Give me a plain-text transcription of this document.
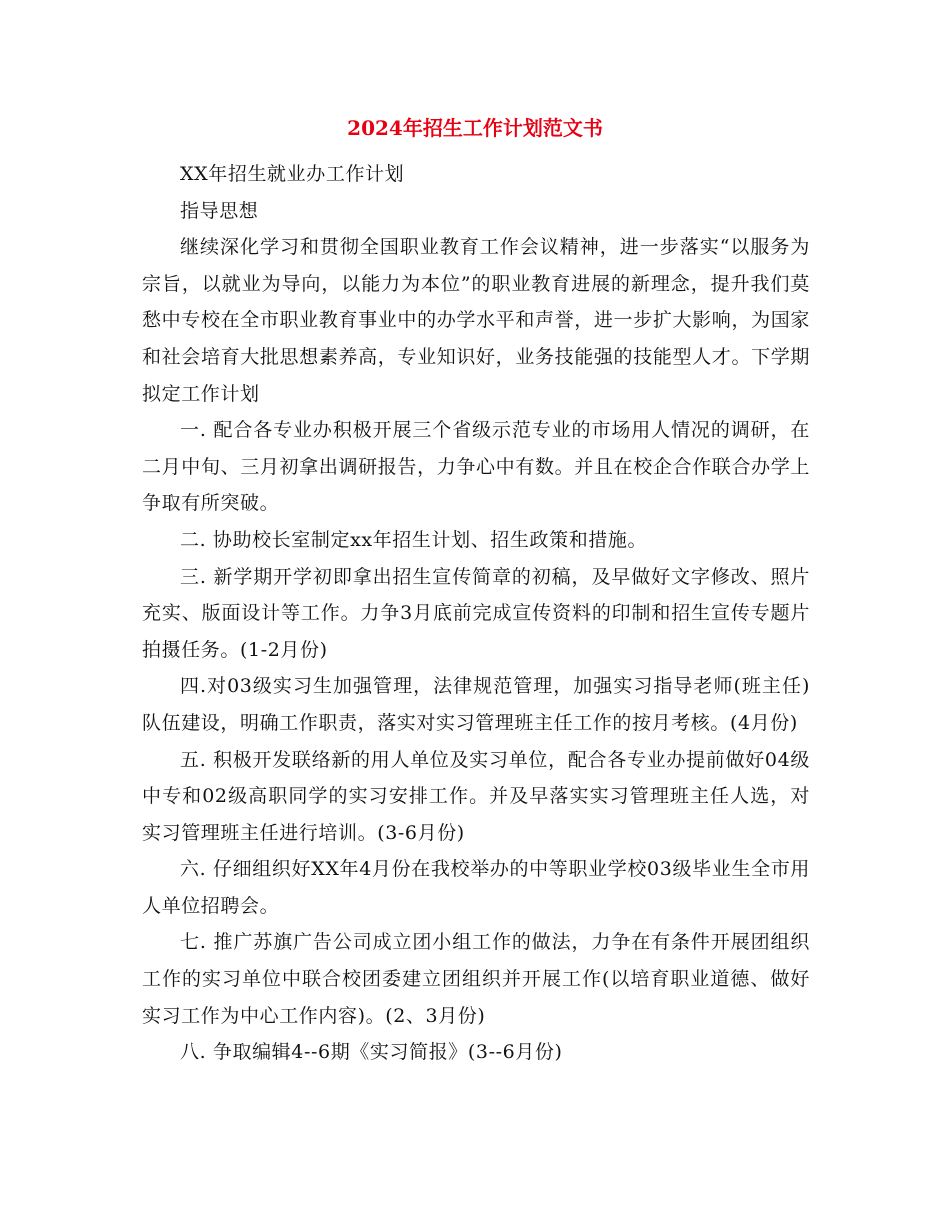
2024年招生工作计划范文书

XX年招生就业办工作计划

指导思想

继续深化学习和贯彻全国职业教育工作会议精神，进一步落实“以服务为宗旨，以就业为导向，以能力为本位”的职业教育进展的新理念，提升我们莫愁中专校在全市职业教育事业中的办学水平和声誉，进一步扩大影响，为国家和社会培育大批思想素养高，专业知识好，业务技能强的技能型人才。下学期拟定工作计划

一. 配合各专业办积极开展三个省级示范专业的市场用人情况的调研，在二月中旬、三月初拿出调研报告，力争心中有数。并且在校企合作联合办学上争取有所突破。

二. 协助校长室制定xx年招生计划、招生政策和措施。

三. 新学期开学初即拿出招生宣传简章的初稿，及早做好文字修改、照片充实、版面设计等工作。力争3月底前完成宣传资料的印制和招生宣传专题片拍摄任务。(1-2月份)

四.对03级实习生加强管理，法律规范管理，加强实习指导老师(班主任)队伍建设，明确工作职责，落实对实习管理班主任工作的按月考核。(4月份)

五. 积极开发联络新的用人单位及实习单位，配合各专业办提前做好04级中专和02级高职同学的实习安排工作。并及早落实实习管理班主任人选，对实习管理班主任进行培训。(3-6月份)

六. 仔细组织好XX年4月份在我校举办的中等职业学校03级毕业生全市用人单位招聘会。

七. 推广苏旗广告公司成立团小组工作的做法，力争在有条件开展团组织工作的实习单位中联合校团委建立团组织并开展工作(以培育职业道德、做好实习工作为中心工作内容)。(2、3月份)

八. 争取编辑4--6期《实习简报》(3--6月份)
